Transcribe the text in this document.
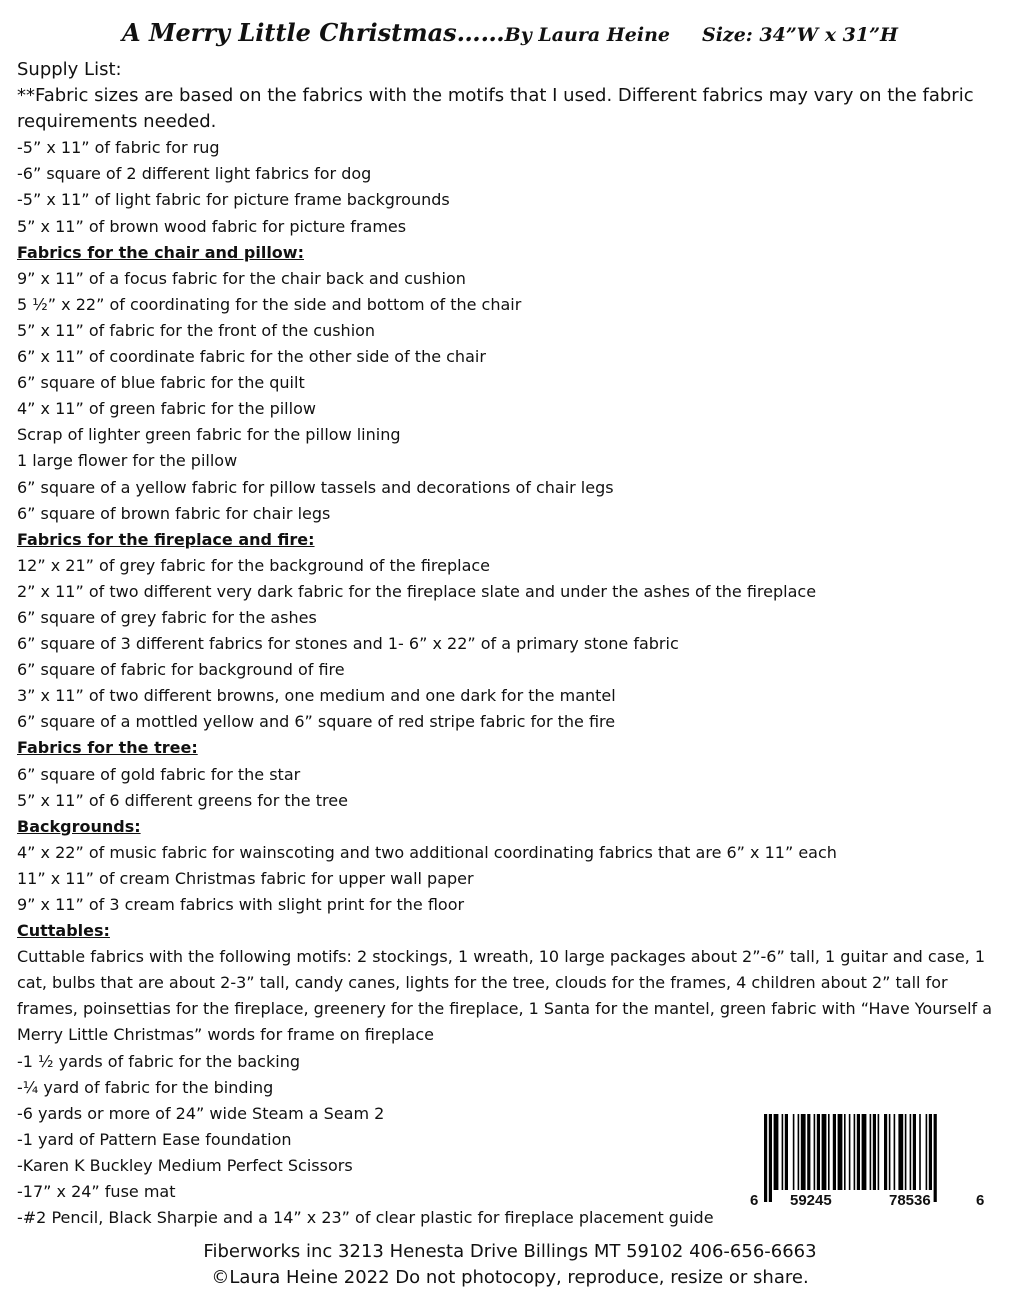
A Merry Little Christmas……By Laura Heine Size: 34”W x 31”H
Supply List:
**Fabric sizes are based on the fabrics with the motifs that I used. Different fabrics may vary on the fabric requirements needed.
-5” x 11” of fabric for rug
-6” square of 2 different light fabrics for dog
-5” x 11” of light fabric for picture frame backgrounds
5” x 11” of brown wood fabric for picture frames
Fabrics for the chair and pillow:
9” x 11” of a focus fabric for the chair back and cushion
5 ½” x 22” of coordinating for the side and bottom of the chair
5” x 11” of fabric for the front of the cushion
6” x 11” of coordinate fabric for the other side of the chair
6” square of blue fabric for the quilt
4” x 11” of green fabric for the pillow
Scrap of lighter green fabric for the pillow lining
1 large flower for the pillow
6” square of a yellow fabric for pillow tassels and decorations of chair legs
6” square of brown fabric for chair legs
Fabrics for the fireplace and fire:
12” x 21” of grey fabric for the background of the fireplace
2” x 11” of two different very dark fabric for the fireplace slate and under the ashes of the fireplace
6” square of grey fabric for the ashes
6” square of 3 different fabrics for stones and 1- 6” x 22” of a primary stone fabric
6” square of fabric for background of fire
3” x 11” of two different browns, one medium and one dark for the mantel
6” square of a mottled yellow and 6” square of red stripe fabric for the fire
Fabrics for the tree:
6” square of gold fabric for the star
5” x 11” of 6 different greens for the tree
Backgrounds:
4” x 22” of music fabric for wainscoting and two additional coordinating fabrics that are 6” x 11” each
11” x 11” of cream Christmas fabric for upper wall paper
9” x 11” of 3 cream fabrics with slight print for the floor
Cuttables:
Cuttable fabrics with the following motifs: 2 stockings, 1 wreath, 10 large packages about 2”-6” tall, 1 guitar and case, 1 cat, bulbs that are about 2-3” tall, candy canes, lights for the tree, clouds for the frames, 4 children about 2” tall for frames, poinsettias for the fireplace, greenery for the fireplace, 1 Santa for the mantel, green fabric with “Have Yourself a Merry Little Christmas” words for frame on fireplace
-1 ½ yards of fabric for the backing
-¼ yard of fabric for the binding
-6 yards or more of 24” wide Steam a Seam 2
-1 yard of Pattern Ease foundation
-Karen K Buckley Medium Perfect Scissors
-17” x 24” fuse mat
-#2 Pencil, Black Sharpie and a 14” x 23” of clear plastic for fireplace placement guide
6 59245	78536	6
Fiberworks inc 3213 Henesta Drive Billings MT 59102 406-656-6663
©Laura Heine 2022 Do not photocopy, reproduce, resize or share.
